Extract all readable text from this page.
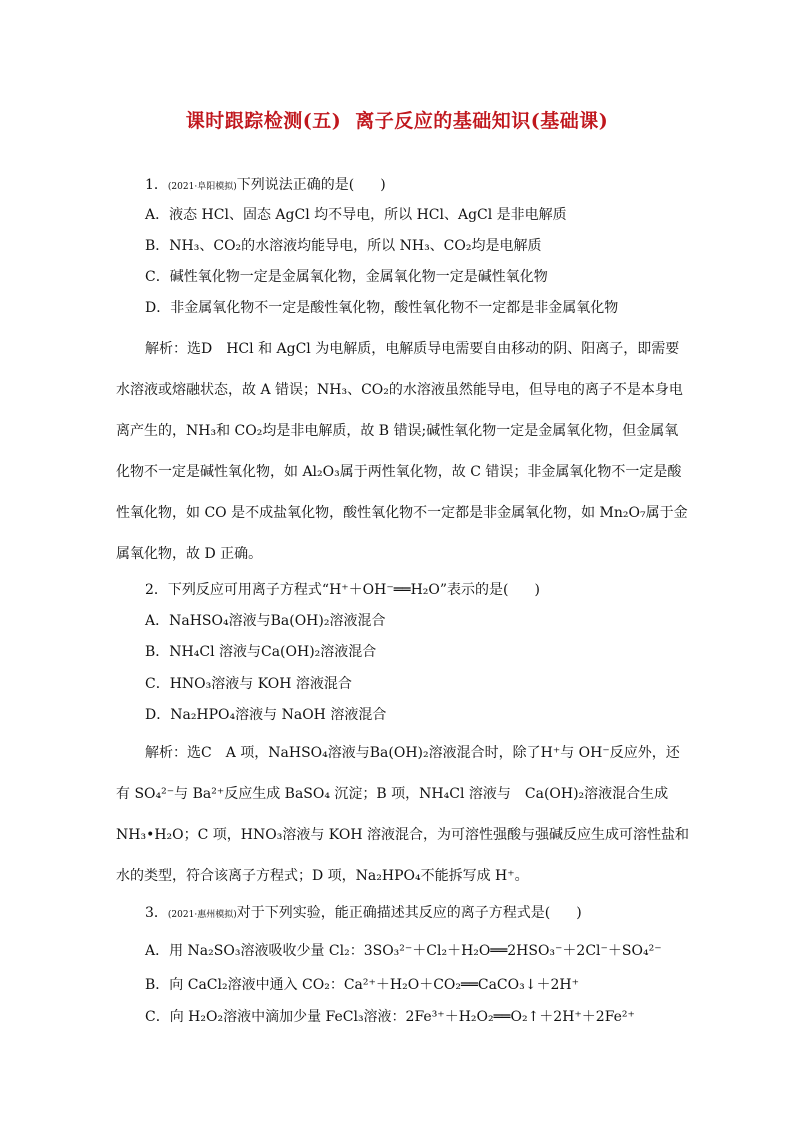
课时跟踪检测(五) 离子反应的基础知识(基础课)
1．(2021·阜阳模拟)下列说法正确的是( )
A．液态 HCl、固态 AgCl 均不导电，所以 HCl、AgCl 是非电解质
B．NH₃、CO₂的水溶液均能导电，所以 NH₃、CO₂均是电解质
C．碱性氧化物一定是金属氧化物，金属氧化物一定是碱性氧化物
D．非金属氧化物不一定是酸性氧化物，酸性氧化物不一定都是非金属氧化物
解析：选D　HCl 和 AgCl 为电解质，电解质导电需要自由移动的阴、阳离子，即需要
水溶液或熔融状态，故 A 错误；NH₃、CO₂的水溶液虽然能导电，但导电的离子不是本身电
离产生的，NH₃和 CO₂均是非电解质，故 B 错误;碱性氧化物一定是金属氧化物，但金属氧
化物不一定是碱性氧化物，如 Al₂O₃属于两性氧化物，故 C 错误；非金属氧化物不一定是酸
性氧化物，如 CO 是不成盐氧化物，酸性氧化物不一定都是非金属氧化物，如 Mn₂O₇属于金
属氧化物，故 D 正确。
2．下列反应可用离子方程式“H⁺＋OH⁻══H₂O”表示的是( )
A．NaHSO₄溶液与Ba(OH)₂溶液混合
B．NH₄Cl 溶液与Ca(OH)₂溶液混合
C．HNO₃溶液与 KOH 溶液混合
D．Na₂HPO₄溶液与 NaOH 溶液混合
解析：选C　A 项，NaHSO₄溶液与Ba(OH)₂溶液混合时，除了H⁺与 OH⁻反应外，还
有 SO₄²⁻与 Ba²⁺反应生成 BaSO₄ 沉淀；B 项，NH₄Cl 溶液与　Ca(OH)₂溶液混合生成
NH₃•H₂O；C 项，HNO₃溶液与 KOH 溶液混合，为可溶性强酸与强碱反应生成可溶性盐和
水的类型，符合该离子方程式；D 项，Na₂HPO₄不能拆写成 H⁺。
3．(2021·惠州模拟)对于下列实验，能正确描述其反应的离子方程式是( )
A．用 Na₂SO₃溶液吸收少量 Cl₂：3SO₃²⁻＋Cl₂＋H₂O══2HSO₃⁻＋2Cl⁻＋SO₄²⁻
B．向 CaCl₂溶液中通入 CO₂：Ca²⁺＋H₂O＋CO₂══CaCO₃↓＋2H⁺
C．向 H₂O₂溶液中滴加少量 FeCl₃溶液：2Fe³⁺＋H₂O₂══O₂↑＋2H⁺＋2Fe²⁺
